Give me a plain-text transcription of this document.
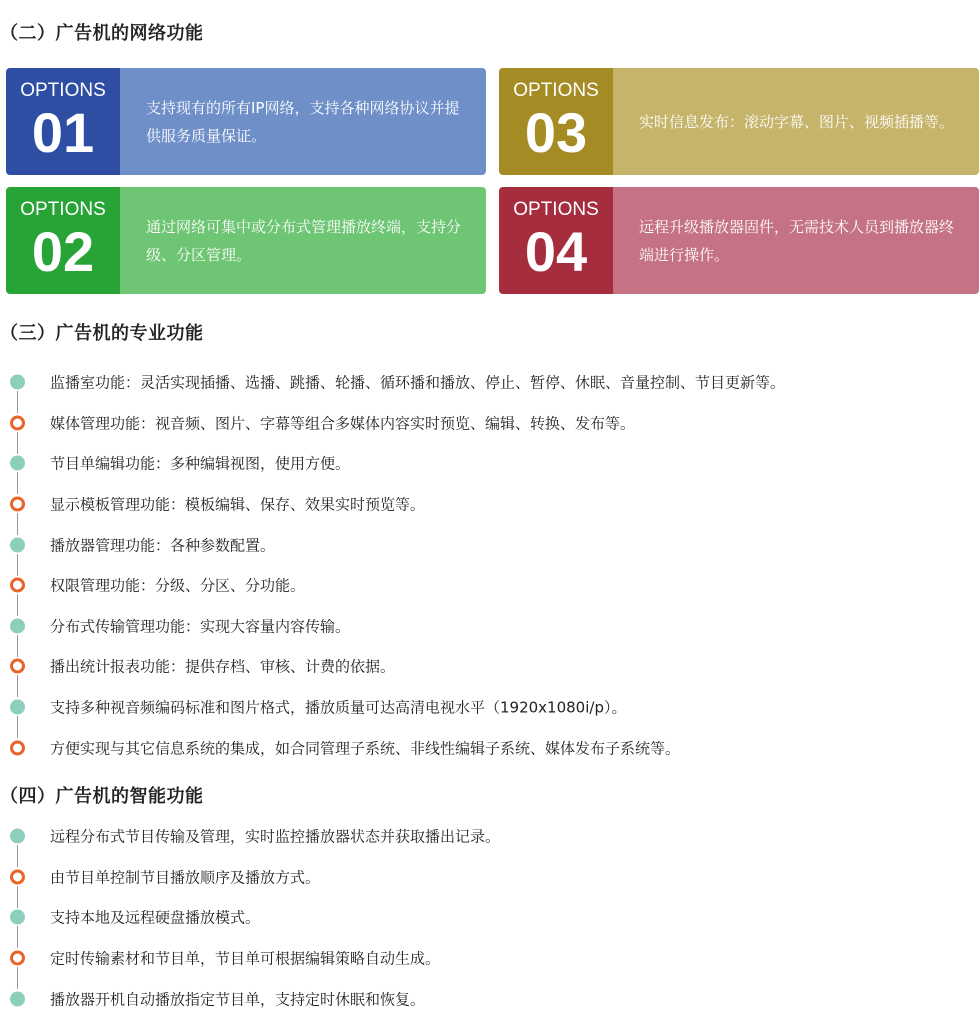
（二）广告机的网络功能
OPTIONS
01	支持现有的所有IP网络，支持各种网络协议并提供服务质量保证。
OPTIONS
03	实时信息发布：滚动字幕、图片、视频插播等。
OPTIONS
02	通过网络可集中或分布式管理播放终端，支持分级、分区管理。
OPTIONS
04	远程升级播放器固件，无需技术人员到播放器终端进行操作。
（三）广告机的专业功能
监播室功能：灵活实现插播、选播、跳播、轮播、循环播和播放、停止、暂停、休眠、音量控制、节目更新等。
媒体管理功能：视音频、图片、字幕等组合多媒体内容实时预览、编辑、转换、发布等。
节目单编辑功能：多种编辑视图，使用方便。
显示模板管理功能：模板编辑、保存、效果实时预览等。
播放器管理功能：各种参数配置。
权限管理功能：分级、分区、分功能。
分布式传输管理功能：实现大容量内容传输。
播出统计报表功能：提供存档、审核、计费的依据。
支持多种视音频编码标准和图片格式，播放质量可达高清电视水平（1920x1080i/p）。
方便实现与其它信息系统的集成，如合同管理子系统、非线性编辑子系统、媒体发布子系统等。
（四）广告机的智能功能
远程分布式节目传输及管理，实时监控播放器状态并获取播出记录。
由节目单控制节目播放顺序及播放方式。
支持本地及远程硬盘播放模式。
定时传输素材和节目单，节目单可根据编辑策略自动生成。
播放器开机自动播放指定节目单，支持定时休眠和恢复。
